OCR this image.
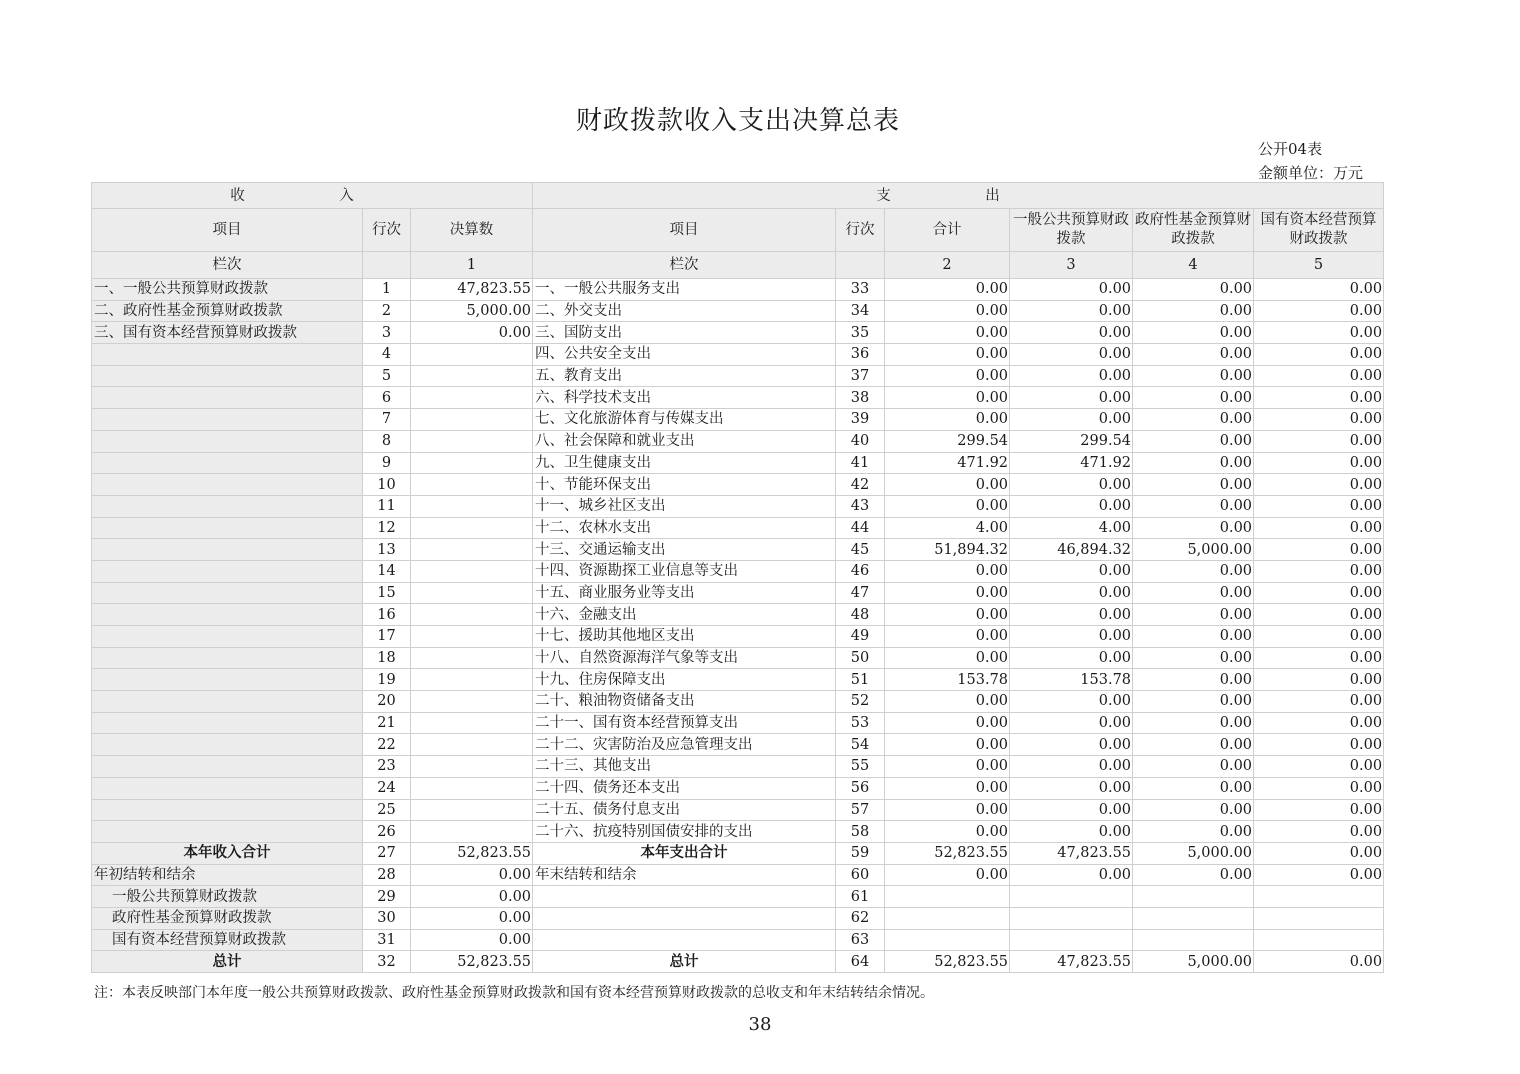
财政拨款收入支出决算总表
公开04表
金额单位：万元
收　入			支　出					
项目	行次	决算数	项目	行次	合计	一般公共预算财政拨款	政府性基金预算财政拨款	国有资本经营预算财政拨款
栏次		1	栏次		2	3	4	5
一、一般公共预算财政拨款	1	47,823.55	一、一般公共服务支出	33	0.00	0.00	0.00	0.00
二、政府性基金预算财政拨款	2	5,000.00	二、外交支出	34	0.00	0.00	0.00	0.00
三、国有资本经营预算财政拨款	3	0.00	三、国防支出	35	0.00	0.00	0.00	0.00
	4		四、公共安全支出	36	0.00	0.00	0.00	0.00
	5		五、教育支出	37	0.00	0.00	0.00	0.00
	6		六、科学技术支出	38	0.00	0.00	0.00	0.00
	7		七、文化旅游体育与传媒支出	39	0.00	0.00	0.00	0.00
	8		八、社会保障和就业支出	40	299.54	299.54	0.00	0.00
	9		九、卫生健康支出	41	471.92	471.92	0.00	0.00
	10		十、节能环保支出	42	0.00	0.00	0.00	0.00
	11		十一、城乡社区支出	43	0.00	0.00	0.00	0.00
	12		十二、农林水支出	44	4.00	4.00	0.00	0.00
	13		十三、交通运输支出	45	51,894.32	46,894.32	5,000.00	0.00
	14		十四、资源勘探工业信息等支出	46	0.00	0.00	0.00	0.00
	15		十五、商业服务业等支出	47	0.00	0.00	0.00	0.00
	16		十六、金融支出	48	0.00	0.00	0.00	0.00
	17		十七、援助其他地区支出	49	0.00	0.00	0.00	0.00
	18		十八、自然资源海洋气象等支出	50	0.00	0.00	0.00	0.00
	19		十九、住房保障支出	51	153.78	153.78	0.00	0.00
	20		二十、粮油物资储备支出	52	0.00	0.00	0.00	0.00
	21		二十一、国有资本经营预算支出	53	0.00	0.00	0.00	0.00
	22		二十二、灾害防治及应急管理支出	54	0.00	0.00	0.00	0.00
	23		二十三、其他支出	55	0.00	0.00	0.00	0.00
	24		二十四、债务还本支出	56	0.00	0.00	0.00	0.00
	25		二十五、债务付息支出	57	0.00	0.00	0.00	0.00
	26		二十六、抗疫特别国债安排的支出	58	0.00	0.00	0.00	0.00
本年收入合计	27	52,823.55	本年支出合计	59	52,823.55	47,823.55	5,000.00	0.00
年初结转和结余	28	0.00	年末结转和结余	60	0.00	0.00	0.00	0.00
一般公共预算财政拨款	29	0.00		61				
政府性基金预算财政拨款	30	0.00		62				
国有资本经营预算财政拨款	31	0.00		63				
总计	32	52,823.55	总计	64	52,823.55	47,823.55	5,000.00	0.00
注：本表反映部门本年度一般公共预算财政拨款、政府性基金预算财政拨款和国有资本经营预算财政拨款的总收支和年末结转结余情况。
38
